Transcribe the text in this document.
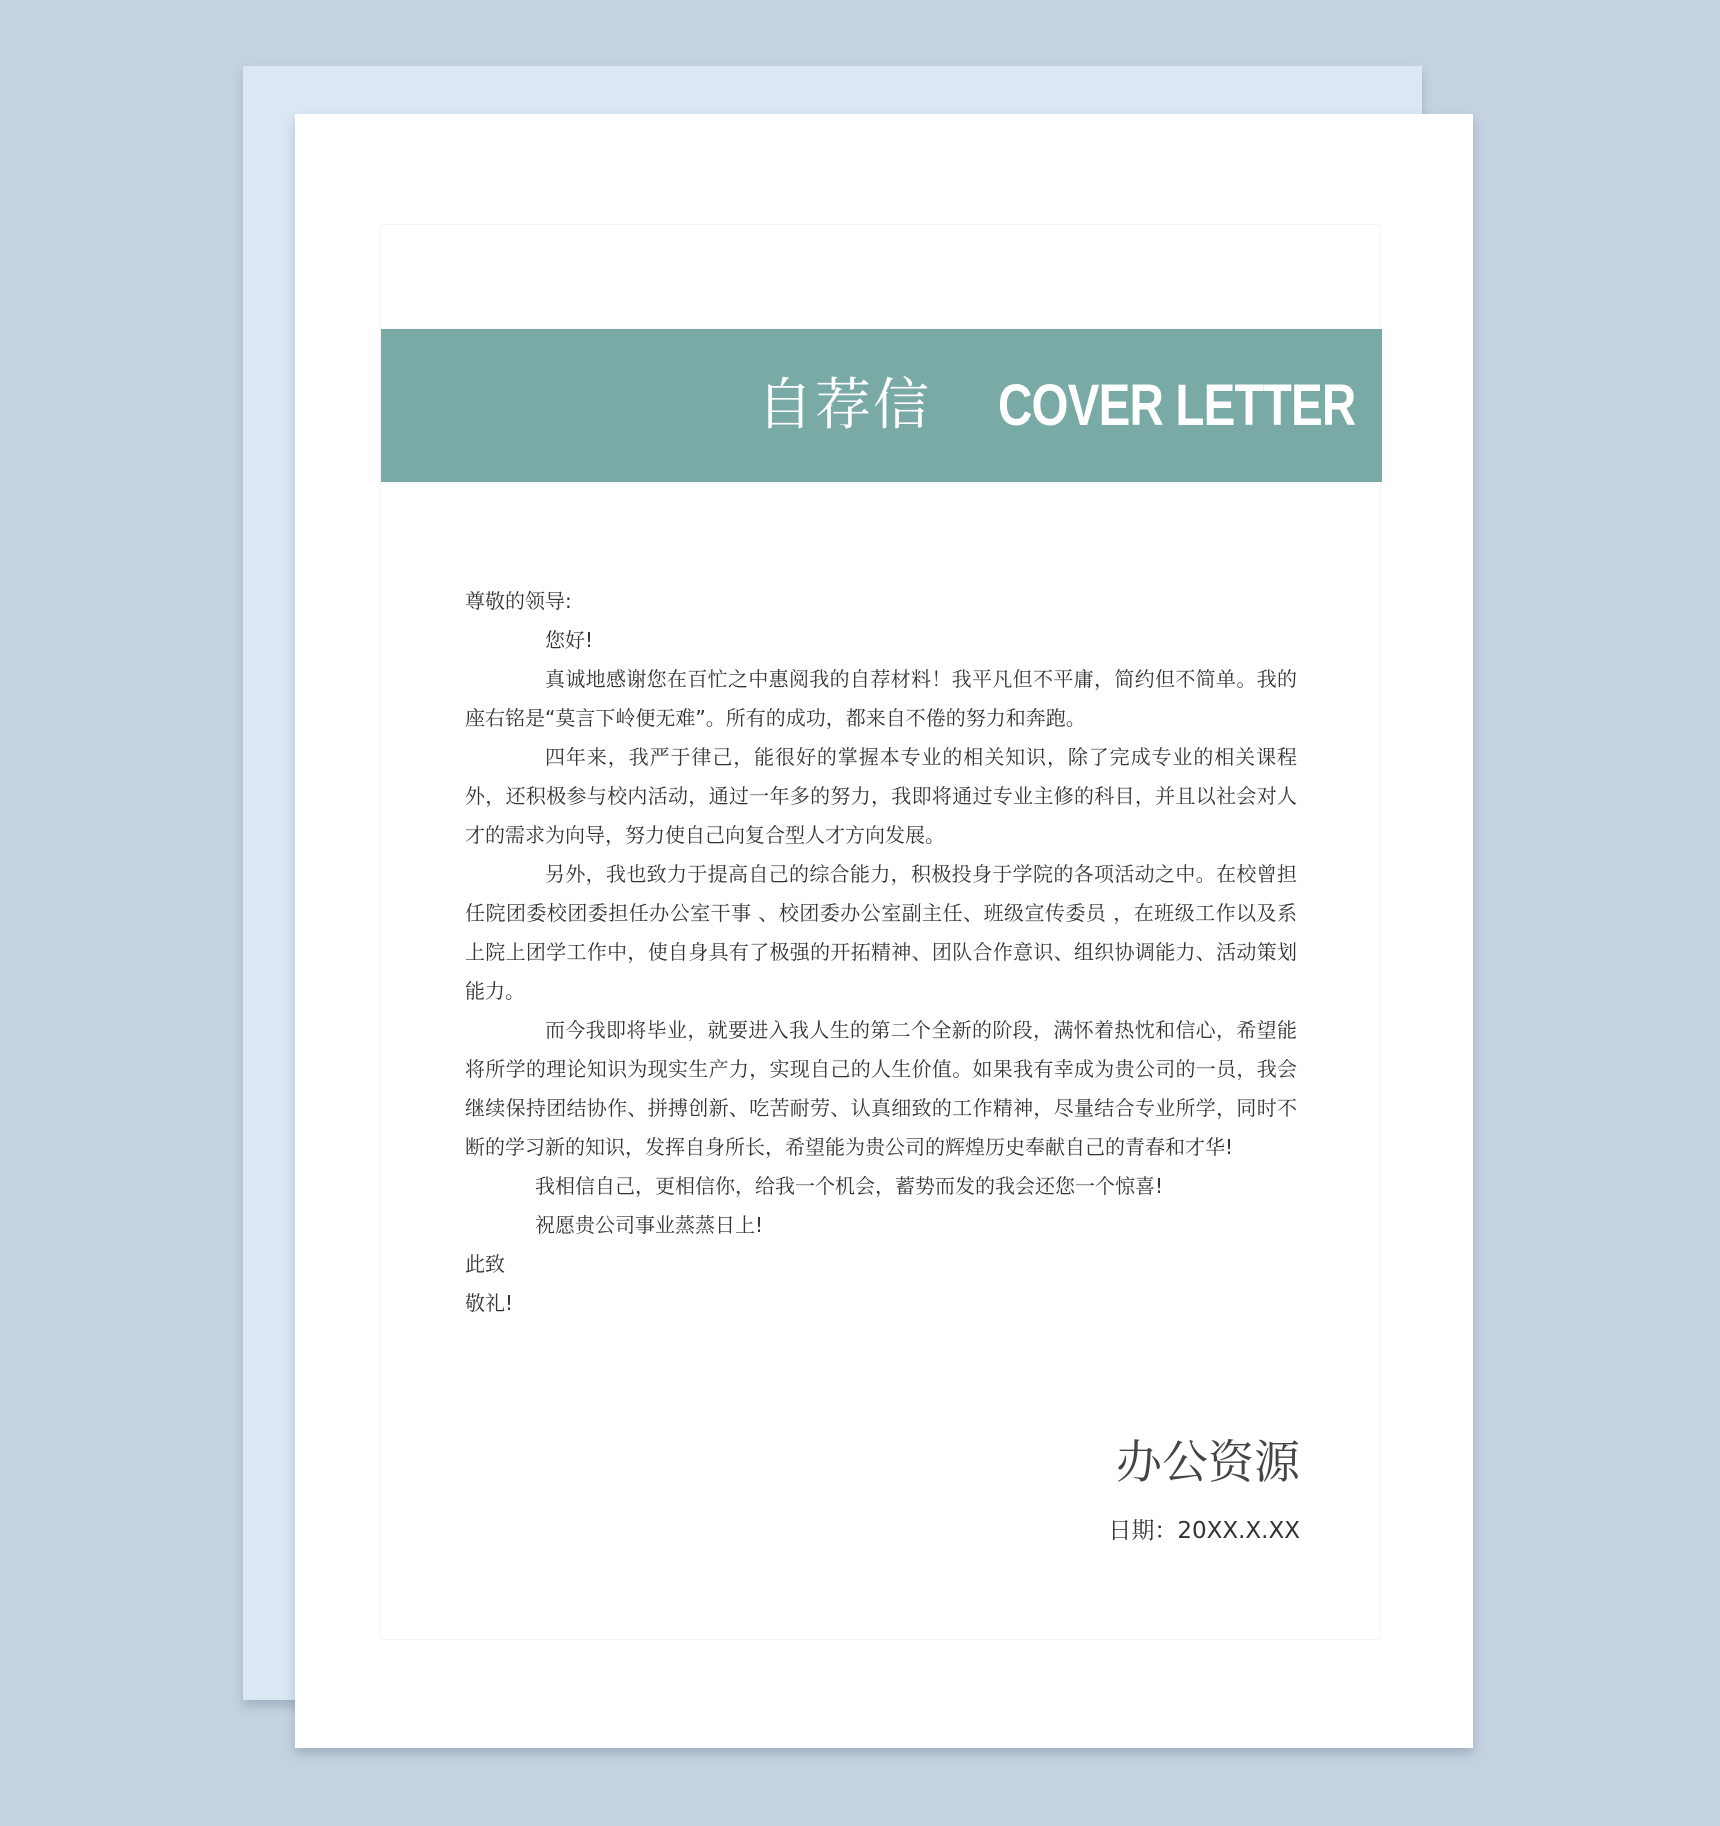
自荐信 COVER LETTER

尊敬的领导:

您好!

真诚地感谢您在百忙之中惠阅我的自荐材料！我平凡但不平庸，简约但不简单。我的座右铭是“莫言下岭便无难”。所有的成功，都来自不倦的努力和奔跑。

四年来，我严于律己，能很好的掌握本专业的相关知识，除了完成专业的相关课程外，还积极参与校内活动，通过一年多的努力，我即将通过专业主修的科目，并且以社会对人才的需求为向导，努力使自己向复合型人才方向发展。

另外，我也致力于提高自己的综合能力，积极投身于学院的各项活动之中。在校曾担任院团委校团委担任办公室干事 、校团委办公室副主任、班级宣传委员 ，在班级工作以及系上院上团学工作中，使自身具有了极强的开拓精神、团队合作意识、组织协调能力、活动策划能力。

而今我即将毕业，就要进入我人生的第二个全新的阶段，满怀着热忱和信心，希望能将所学的理论知识为现实生产力，实现自己的人生价值。如果我有幸成为贵公司的一员，我会继续保持团结协作、拼搏创新、吃苦耐劳、认真细致的工作精神，尽量结合专业所学，同时不断的学习新的知识，发挥自身所长，希望能为贵公司的辉煌历史奉献自己的青春和才华!

我相信自己，更相信你，给我一个机会，蓄势而发的我会还您一个惊喜!

祝愿贵公司事业蒸蒸日上!

此致

敬礼!

办公资源
日期：20XX.X.XX
